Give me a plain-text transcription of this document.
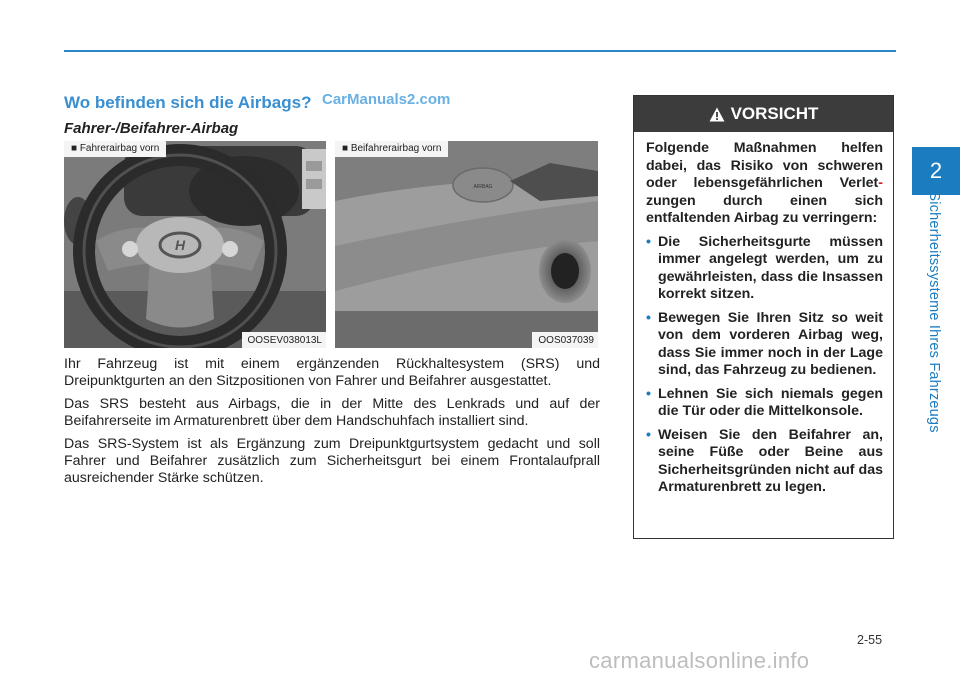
2
Sicherheitssysteme Ihres Fahrzeugs
Wo befinden sich die Airbags? CarManuals2.com
Fahrer-/Beifahrer-Airbag
H
■ Fahrerairbag vorn
OOSEV038013L
AIRBAG
■ Beifahrerairbag vorn
OOS037039

Ihr Fahrzeug ist mit einem ergänzenden Rückhaltesystem (SRS) und Dreipunktgurten an den Sitzpositionen von Fahrer und Beifahrer ausgestattet.

Das SRS besteht aus Airbags, die in der Mitte des Lenkrads und auf der Beifahrerseite im Armaturenbrett über dem Handschuhfach installiert sind.

Das SRS-System ist als Ergänzung zum Dreipunktgurtsystem gedacht und soll Fahrer und Beifahrer zusätzlich zum Sicherheitsgurt bei einem Frontalaufprall ausreichender Stärke schützen.

VORSICHT
Folgende Maßnahmen helfen dabei, das Risiko von schweren oder lebensgefährlichen Verlet- zungen durch einen sich entfaltenden Airbag zu verringern:
• Die Sicherheitsgurte müssen immer angelegt werden, um zu gewährleisten, dass die Insassen korrekt sitzen.
• Bewegen Sie Ihren Sitz so weit von dem vorderen Airbag weg, dass Sie immer noch in der Lage sind, das Fahrzeug zu bedienen.
• Lehnen Sie sich niemals gegen die Tür oder die Mittelkonsole.
• Weisen Sie den Beifahrer an, seine Füße oder Beine aus Sicherheitsgründen nicht auf das Armaturenbrett zu legen.
2-55
carmanualsonline.info
